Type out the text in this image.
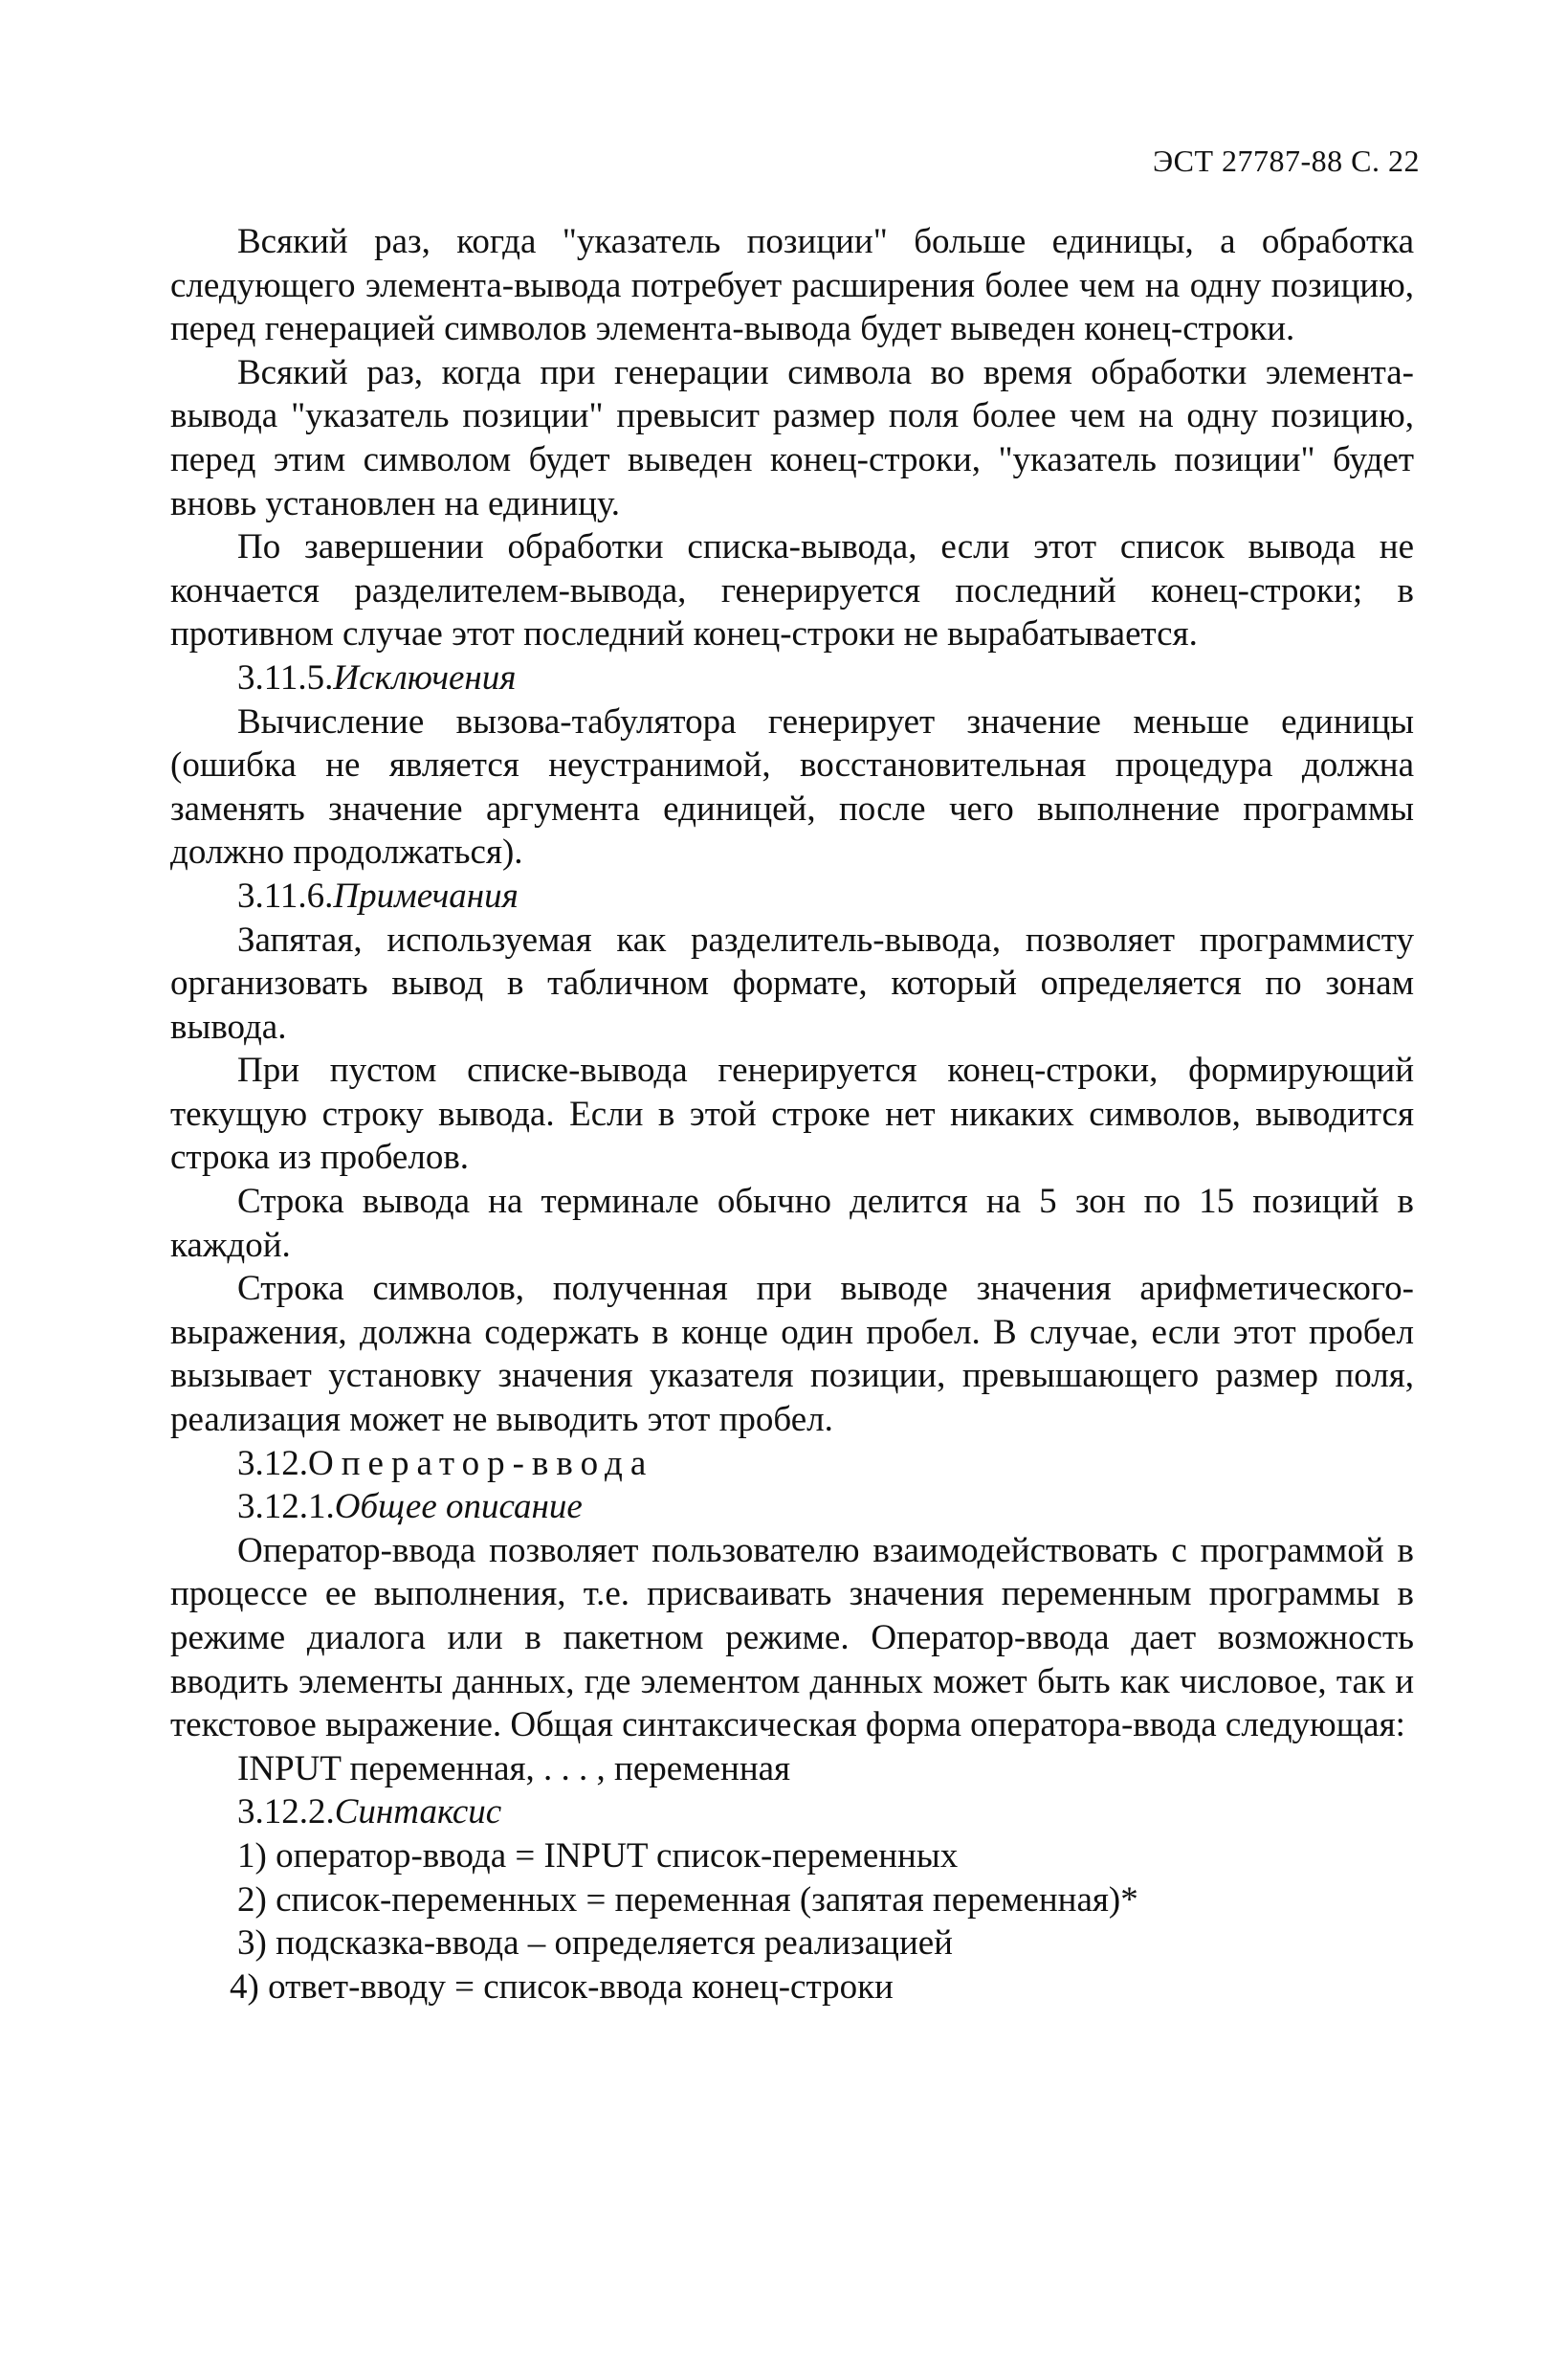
ЭСТ 27787-88 С. 22

Всякий раз, когда "указатель позиции" больше единицы, а обработка следующего элемента-вывода потребует расширения более чем на одну позицию, перед генерацией символов элемента-вывода будет выведен конец-строки.

Всякий раз, когда при генерации символа во время обработки элемента-вывода "указатель позиции" превысит размер поля более чем на одну позицию, перед этим символом будет выведен конец-строки, "указатель позиции" будет вновь установлен на единицу.

По завершении обработки списка-вывода, если этот список вывода не кончается разделителем-вывода, генерируется последний конец-строки; в противном случае этот последний конец-строки не вырабатывается.

3.11.5.Исключения

Вычисление вызова-табулятора генерирует значение меньше единицы (ошибка не является неустранимой, восстановительная процедура должна заменять значение аргумента единицей, после чего выполнение программы должно продолжаться).

3.11.6.Примечания

Запятая, используемая как разделитель-вывода, позволяет программисту организовать вывод в табличном формате, который определяется по зонам вывода.

При пустом списке-вывода генерируется конец-строки, формирующий текущую строку вывода. Если в этой строке нет никаких символов, выводится строка из пробелов.

Строка вывода на терминале обычно делится на 5 зон по 15 позиций в каждой.

Строка символов, полученная при выводе значения арифметического-выражения, должна содержать в конце один пробел. В случае, если этот пробел вызывает установку значения указателя позиции, превышающего размер поля, реализация может не выводить этот пробел.

3.12.Оператор-ввода
3.12.1.Общее описание

Оператор-ввода позволяет пользователю взаимодействовать с программой в процессе ее выполнения, т.е. присваивать значения переменным программы в режиме диалога или в пакетном режиме. Оператор-ввода дает возможность вводить элементы данных, где элементом данных может быть как числовое, так и текстовое выражение. Общая синтаксическая форма оператора-ввода следующая:

INPUT переменная, . . . , переменная
3.12.2.Синтаксис
1) оператор-ввода = INPUT список-переменных
2) список-переменных = переменная (запятая переменная)*
3) подсказка-ввода – определяется реализацией
4) ответ-вводу = список-ввода конец-строки
